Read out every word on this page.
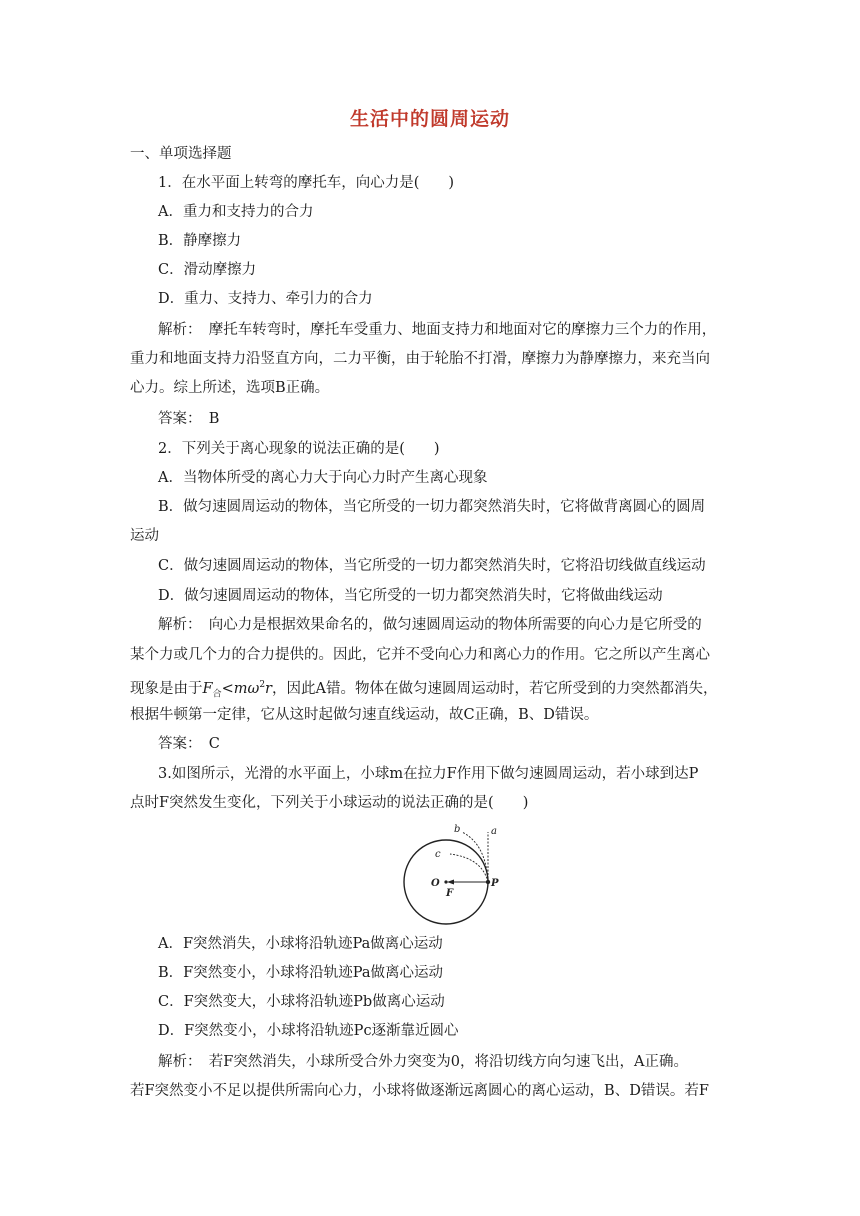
生活中的圆周运动
一、单项选择题
1．在水平面上转弯的摩托车，向心力是(　　)
A．重力和支持力的合力
B．静摩擦力
C．滑动摩擦力
D．重力、支持力、牵引力的合力
解析：　摩托车转弯时，摩托车受重力、地面支持力和地面对它的摩擦力三个力的作用，
重力和地面支持力沿竖直方向，二力平衡，由于轮胎不打滑，摩擦力为静摩擦力，来充当向
心力。综上所述，选项B正确。
答案：　B
2．下列关于离心现象的说法正确的是(　　)
A．当物体所受的离心力大于向心力时产生离心现象
B．做匀速圆周运动的物体，当它所受的一切力都突然消失时，它将做背离圆心的圆周
运动
C．做匀速圆周运动的物体，当它所受的一切力都突然消失时，它将沿切线做直线运动
D．做匀速圆周运动的物体，当它所受的一切力都突然消失时，它将做曲线运动
解析：　向心力是根据效果命名的，做匀速圆周运动的物体所需要的向心力是它所受的
某个力或几个力的合力提供的。因此，它并不受向心力和离心力的作用。它之所以产生离心
现象是由于$F_合<m\omega^2r$，因此A错。物体在做匀速圆周运动时，若它所受到的力突然都消失，
根据牛顿第一定律，它从这时起做匀速直线运动，故C正确，B、D错误。
答案：　C
3.如图所示，光滑的水平面上，小球m在拉力F作用下做匀速圆周运动，若小球到达P
点时F突然发生变化，下列关于小球运动的说法正确的是(　　)
a
b
c
O	P
F
A．F突然消失，小球将沿轨迹Pa做离心运动
B．F突然变小，小球将沿轨迹Pa做离心运动
C．F突然变大，小球将沿轨迹Pb做离心运动
D．F突然变小，小球将沿轨迹Pc逐渐靠近圆心
解析：　若F突然消失，小球所受合外力突变为0，将沿切线方向匀速飞出，A正确。
若F突然变小不足以提供所需向心力，小球将做逐渐远离圆心的离心运动，B、D错误。若F
